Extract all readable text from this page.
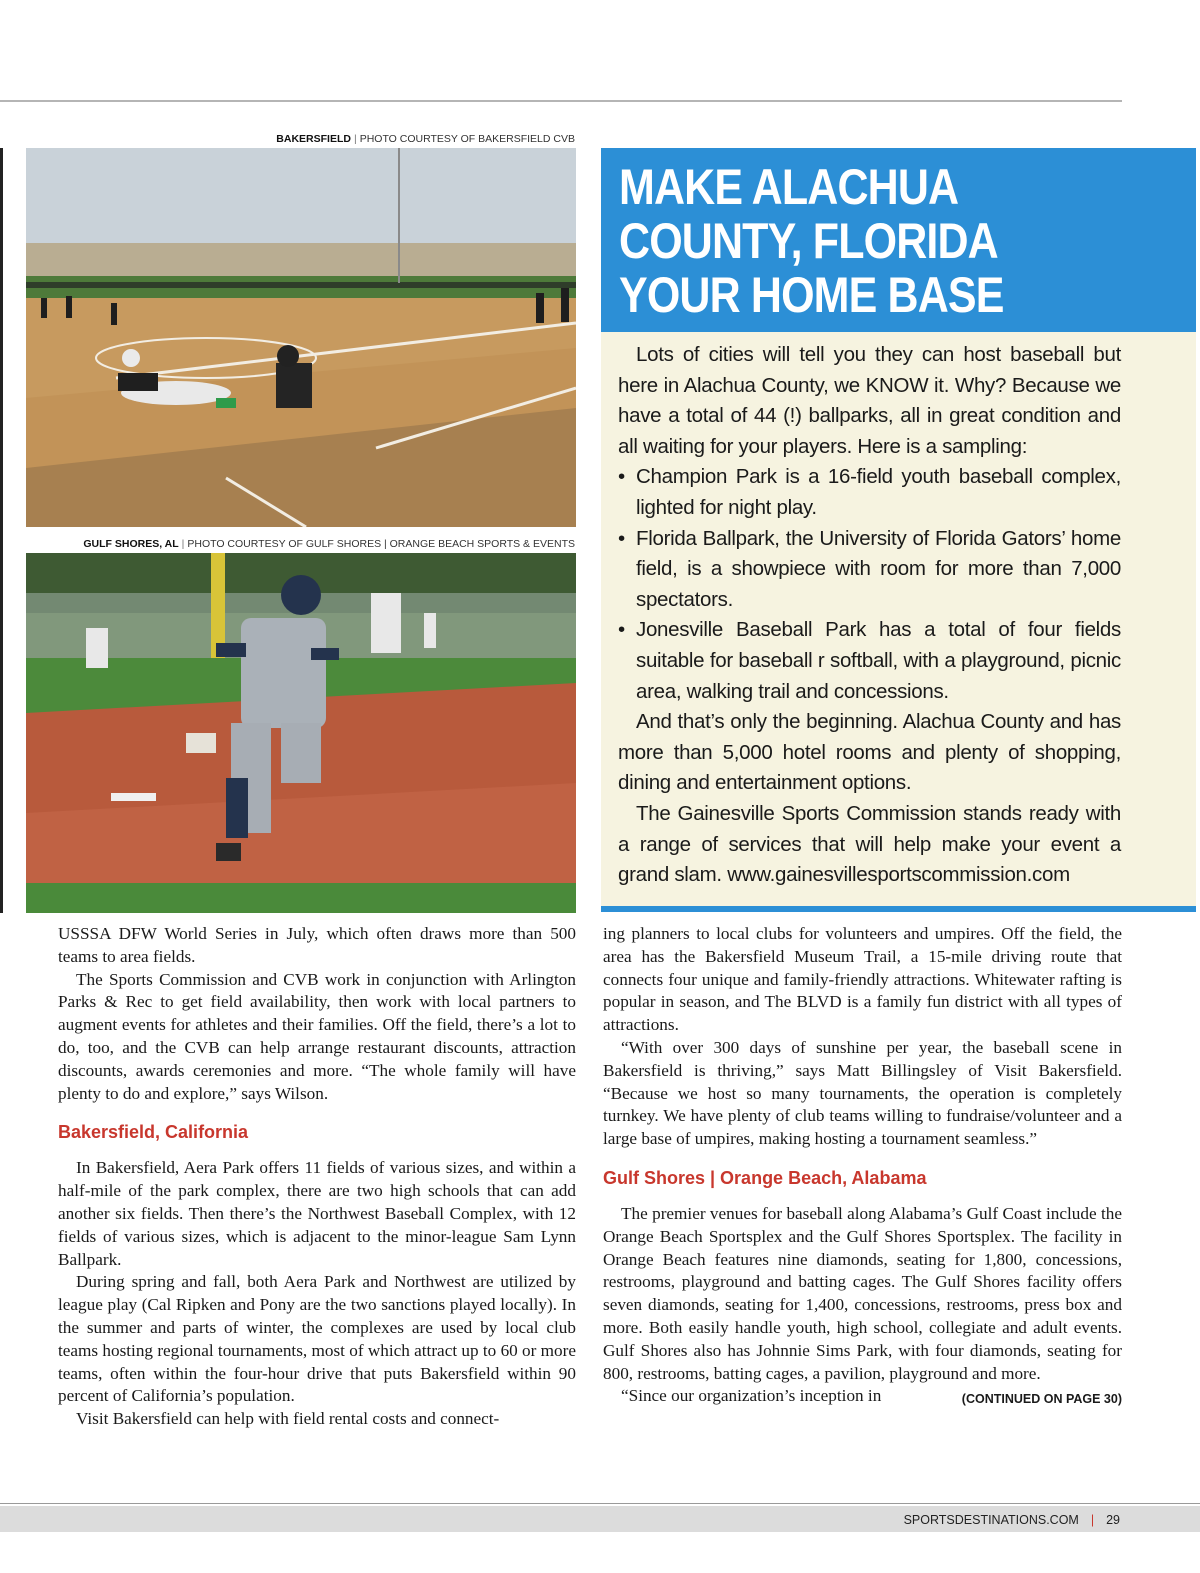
BAKERSFIELD | PHOTO COURTESY OF BAKERSFIELD CVB
GULF SHORES, AL | PHOTO COURTESY OF GULF SHORES | ORANGE BEACH SPORTS & EVENTS
MAKE ALACHUA
COUNTY, FLORIDA
YOUR HOME BASE

Lots of cities will tell you they can host baseball but here in Alachua County, we KNOW it. Why? Because we have a total of 44 (!) ballparks, all in great condition and all waiting for your players. Here is a sampling:

• Champion Park is a 16-field youth baseball complex, lighted for night play.
• Florida Ballpark, the University of Florida Gators’ home field, is a showpiece with room for more than 7,000 spectators.
• Jonesville Baseball Park has a total of four fields suitable for baseball r softball, with a playground, picnic area, walking trail and concessions.

And that’s only the beginning. Alachua County and has more than 5,000 hotel rooms and plenty of shopping, dining and entertainment options.

The Gainesville Sports Commission stands ready with a range of services that will help make your event a grand slam. www.gainesvillesportscommission.com

USSSA DFW World Series in July, which often draws more than 500 teams to area fields.

The Sports Commission and CVB work in conjunction with Arlington Parks & Rec to get field availability, then work with local partners to augment events for athletes and their families. Off the field, there’s a lot to do, too, and the CVB can help arrange restaurant discounts, attraction discounts, awards ceremonies and more. “The whole family will have plenty to do and explore,” says Wilson.

Bakersfield, California

In Bakersfield, Aera Park offers 11 fields of various sizes, and within a half-mile of the park complex, there are two high schools that can add another six fields. Then there’s the Northwest Baseball Complex, with 12 fields of various sizes, which is adjacent to the minor-league Sam Lynn Ballpark.

During spring and fall, both Aera Park and Northwest are utilized by league play (Cal Ripken and Pony are the two sanctions played locally). In the summer and parts of winter, the complexes are used by local club teams hosting regional tournaments, most of which attract up to 60 or more teams, often within the four-hour drive that puts Bakersfield within 90 percent of California’s population.

Visit Bakersfield can help with field rental costs and connect-

ing planners to local clubs for volunteers and umpires. Off the field, the area has the Bakersfield Museum Trail, a 15-mile driving route that connects four unique and family-friendly attractions. Whitewater rafting is popular in season, and The BLVD is a family fun district with all types of attractions.

“With over 300 days of sunshine per year, the baseball scene in Bakersfield is thriving,” says Matt Billingsley of Visit Bakersfield. “Because we host so many tournaments, the operation is completely turnkey. We have plenty of club teams willing to fundraise/volunteer and a large base of umpires, making hosting a tournament seamless.”

Gulf Shores | Orange Beach, Alabama

The premier venues for baseball along Alabama’s Gulf Coast include the Orange Beach Sportsplex and the Gulf Shores Sportsplex. The facility in Orange Beach features nine diamonds, seating for 1,800, concessions, restrooms, playground and batting cages. The Gulf Shores facility offers seven diamonds, seating for 1,400, concessions, restrooms, press box and more. Both easily handle youth, high school, collegiate and adult events. Gulf Shores also has Johnnie Sims Park, with four diamonds, seating for 800, restrooms, batting cages, a pavilion, playground and more.

“Since our organization’s inception in	(CONTINUED ON PAGE 30)

SPORTSDESTINATIONS.COM | 29
